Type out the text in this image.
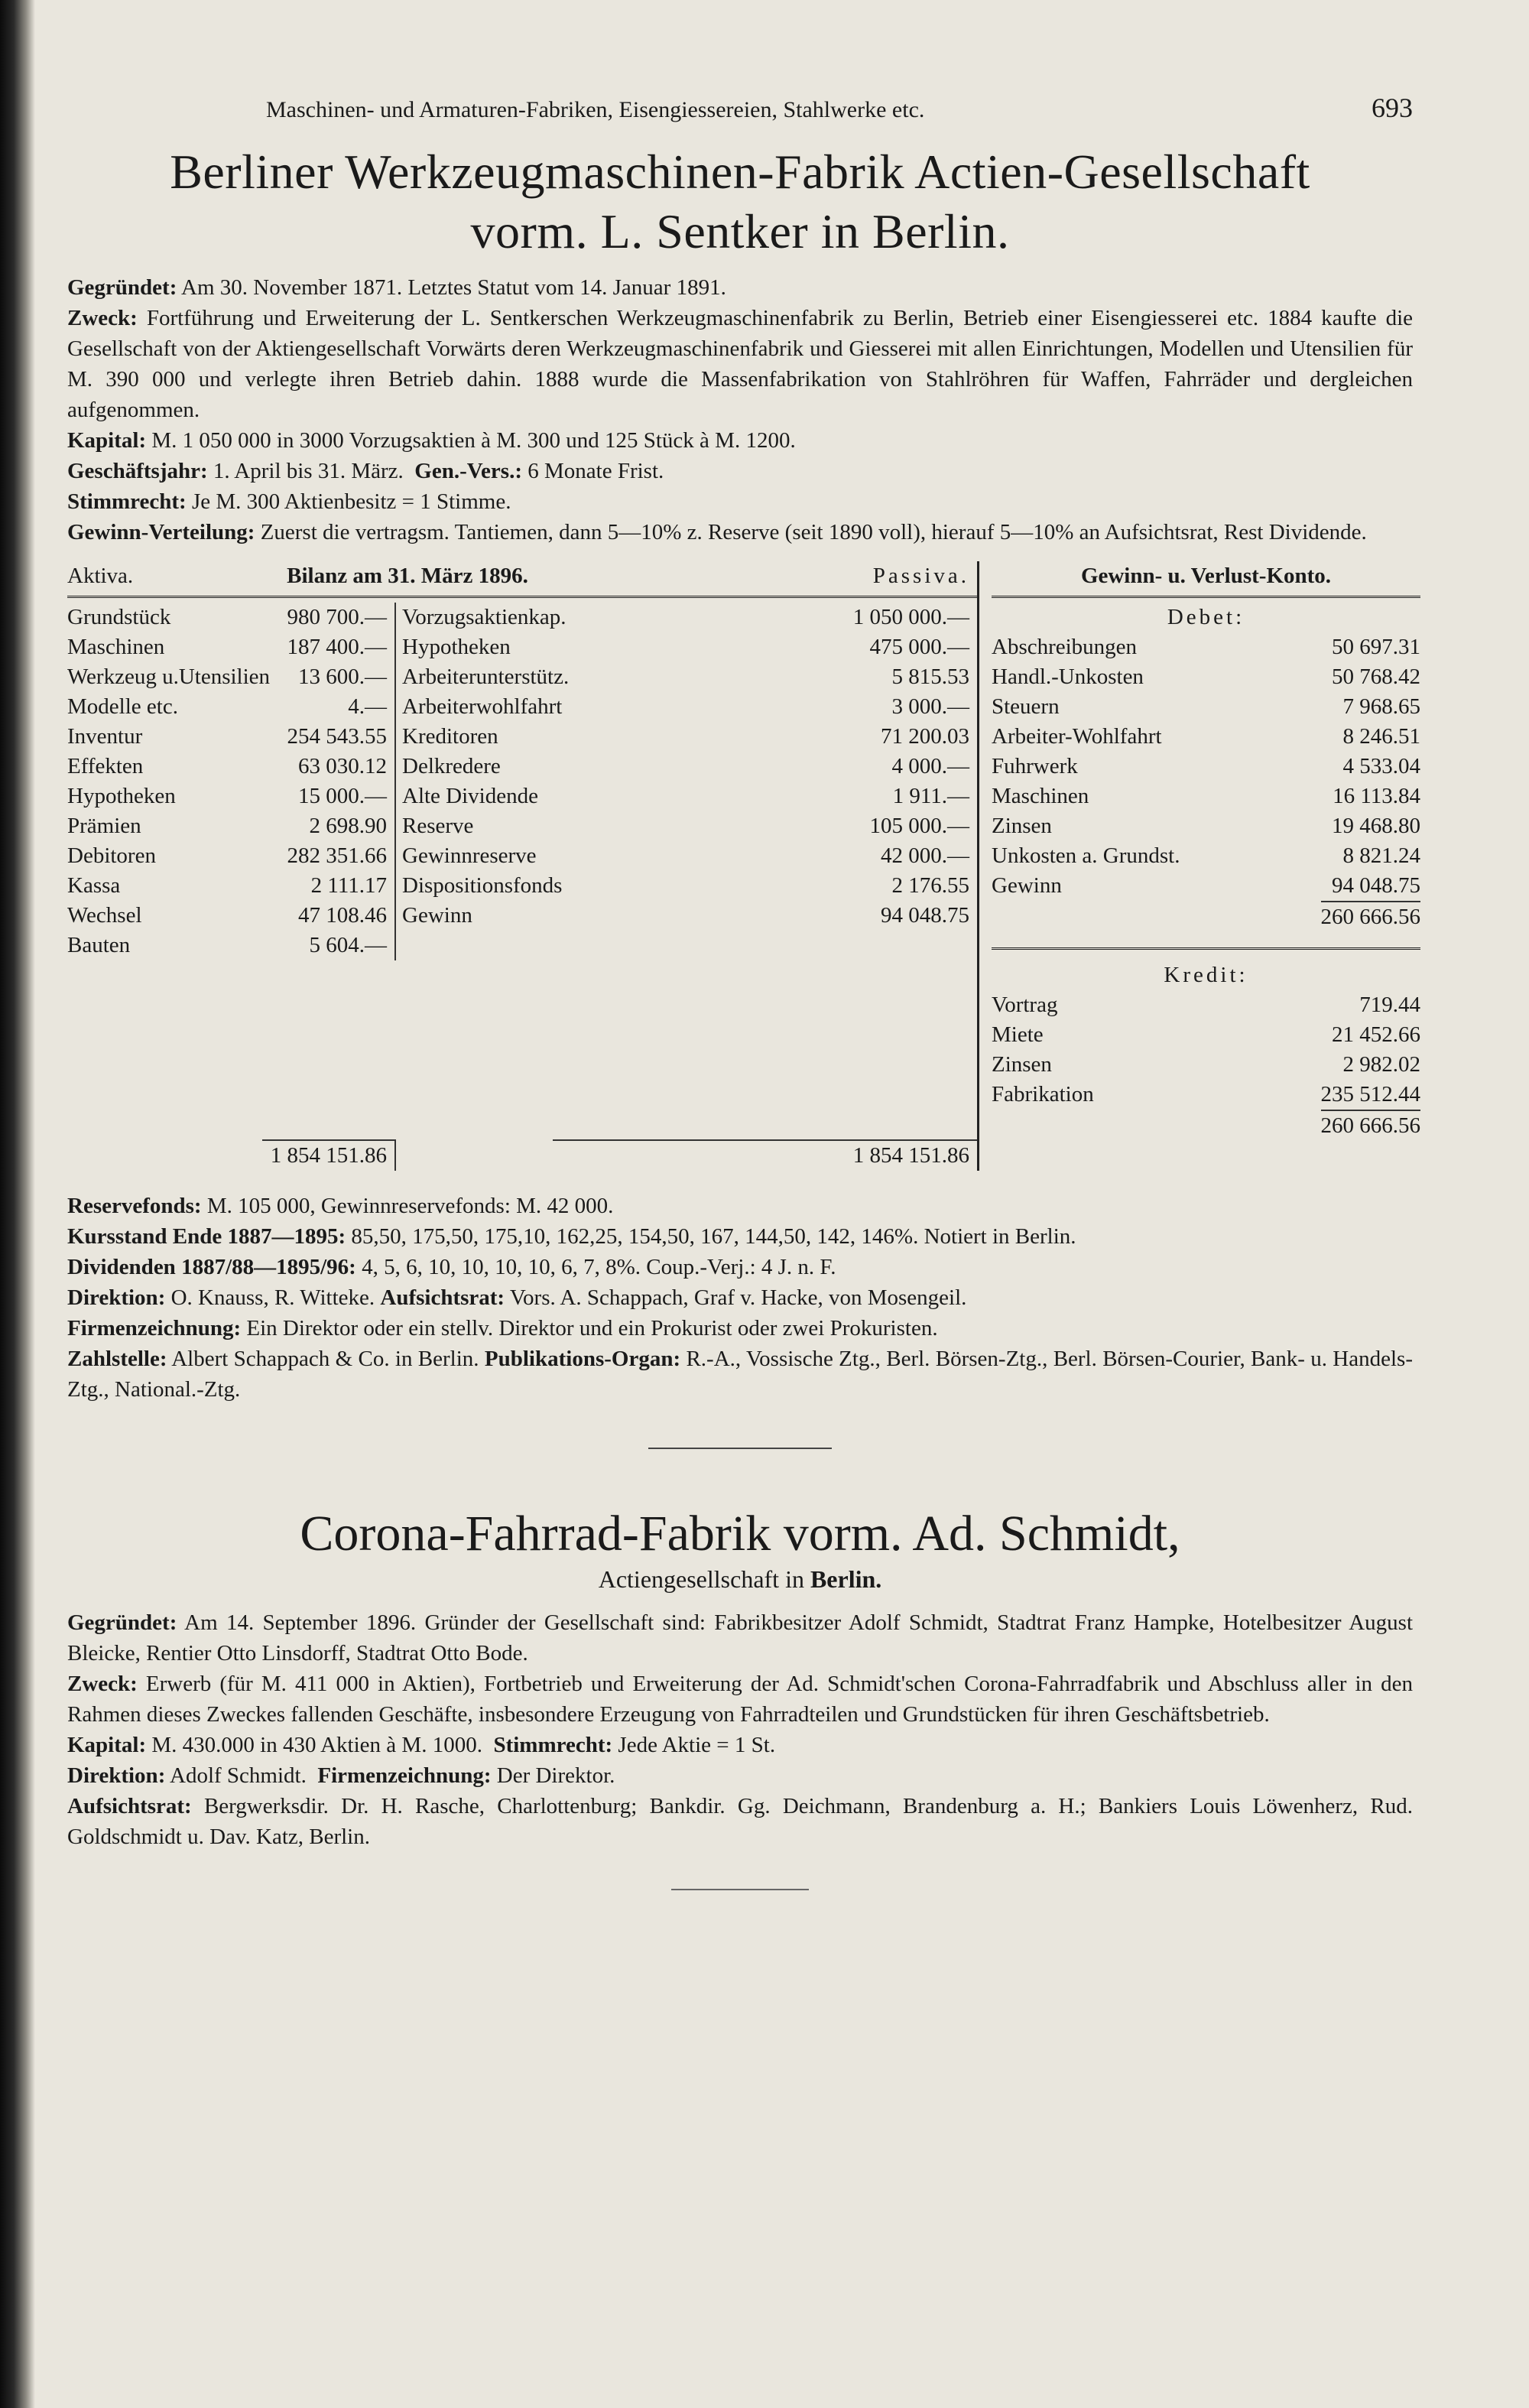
Maschinen- und Armaturen-Fabriken, Eisengiessereien, Stahlwerke etc.	693
Berliner Werkzeugmaschinen-Fabrik Actien-Gesellschaft
vorm. L. Sentker in Berlin.

Gegründet: Am 30. November 1871. Letztes Statut vom 14. Januar 1891.

Zweck: Fortführung und Erweiterung der L. Sentkerschen Werkzeugmaschinenfabrik zu Berlin, Betrieb einer Eisengiesserei etc. 1884 kaufte die Gesellschaft von der Aktiengesellschaft Vorwärts deren Werkzeugmaschinenfabrik und Giesserei mit allen Einrichtungen, Modellen und Utensilien für M. 390 000 und verlegte ihren Betrieb dahin. 1888 wurde die Massenfabrikation von Stahlröhren für Waffen, Fahrräder und dergleichen aufgenommen.

Kapital: M. 1 050 000 in 3000 Vorzugsaktien à M. 300 und 125 Stück à M. 1200.

Geschäftsjahr: 1. April bis 31. März. Gen.-Vers.: 6 Monate Frist.

Stimmrecht: Je M. 300 Aktienbesitz = 1 Stimme.

Gewinn-Verteilung: Zuerst die vertragsm. Tantiemen, dann 5—10% z. Reserve (seit 1890 voll), hierauf 5—10% an Aufsichtsrat, Rest Dividende.

Aktiva.	Bilanz am 31. März 1896.	Passiva.
Grundstück	980 700.— Vorzugsaktienkap.	1 050 000.—
Maschinen	187 400.— Hypotheken	475 000.—
Werkzeug u.Utensilien	13 600.— Arbeiterunterstütz.	5 815.53
Modelle etc.	4.— Arbeiterwohlfahrt	3 000.—
Inventur	254 543.55 Kreditoren	71 200.03
Effekten	63 030.12 Delkredere	4 000.—
Hypotheken	15 000.— Alte Dividende	1 911.—
Prämien	2 698.90 Reserve	105 000.—
Debitoren	282 351.66 Gewinnreserve	42 000.—
Kassa	2 111.17 Dispositionsfonds	2 176.55
Wechsel	47 108.46 Gewinn	94 048.75
Bauten	5 604.—
1 854 151.86	1 854 151.86
Gewinn- u. Verlust-Konto.
Debet:
Abschreibungen	50 697.31
Handl.-Unkosten	50 768.42
Steuern	7 968.65
Arbeiter-Wohlfahrt	8 246.51
Fuhrwerk	4 533.04
Maschinen	16 113.84
Zinsen	19 468.80
Unkosten a. Grundst.	8 821.24
Gewinn	94 048.75
260 666.56
Kredit:
Vortrag	719.44
Miete	21 452.66
Zinsen	2 982.02
Fabrikation	235 512.44
260 666.56

Reservefonds: M. 105 000, Gewinnreservefonds: M. 42 000.

Kursstand Ende 1887—1895: 85,50, 175,50, 175,10, 162,25, 154,50, 167, 144,50, 142, 146%. Notiert in Berlin.

Dividenden 1887/88—1895/96: 4, 5, 6, 10, 10, 10, 10, 6, 7, 8%. Coup.-Verj.: 4 J. n. F.

Direktion: O. Knauss, R. Witteke. Aufsichtsrat: Vors. A. Schappach, Graf v. Hacke, von Mosengeil.

Firmenzeichnung: Ein Direktor oder ein stellv. Direktor und ein Prokurist oder zwei Prokuristen.

Zahlstelle: Albert Schappach & Co. in Berlin. Publikations-Organ: R.-A., Vossische Ztg., Berl. Börsen-Ztg., Berl. Börsen-Courier, Bank- u. Handels-Ztg., National.-Ztg.

Corona-Fahrrad-Fabrik vorm. Ad. Schmidt,

Actiengesellschaft in Berlin.

Gegründet: Am 14. September 1896. Gründer der Gesellschaft sind: Fabrikbesitzer Adolf Schmidt, Stadtrat Franz Hampke, Hotelbesitzer August Bleicke, Rentier Otto Linsdorff, Stadtrat Otto Bode.

Zweck: Erwerb (für M. 411 000 in Aktien), Fortbetrieb und Erweiterung der Ad. Schmidt'schen Corona-Fahrradfabrik und Abschluss aller in den Rahmen dieses Zweckes fallenden Geschäfte, insbesondere Erzeugung von Fahrradteilen und Grundstücken für ihren Geschäftsbetrieb.

Kapital: M. 430.000 in 430 Aktien à M. 1000. Stimmrecht: Jede Aktie = 1 St.

Direktion: Adolf Schmidt. Firmenzeichnung: Der Direktor.

Aufsichtsrat: Bergwerksdir. Dr. H. Rasche, Charlottenburg; Bankdir. Gg. Deichmann, Brandenburg a. H.; Bankiers Louis Löwenherz, Rud. Goldschmidt u. Dav. Katz, Berlin.
